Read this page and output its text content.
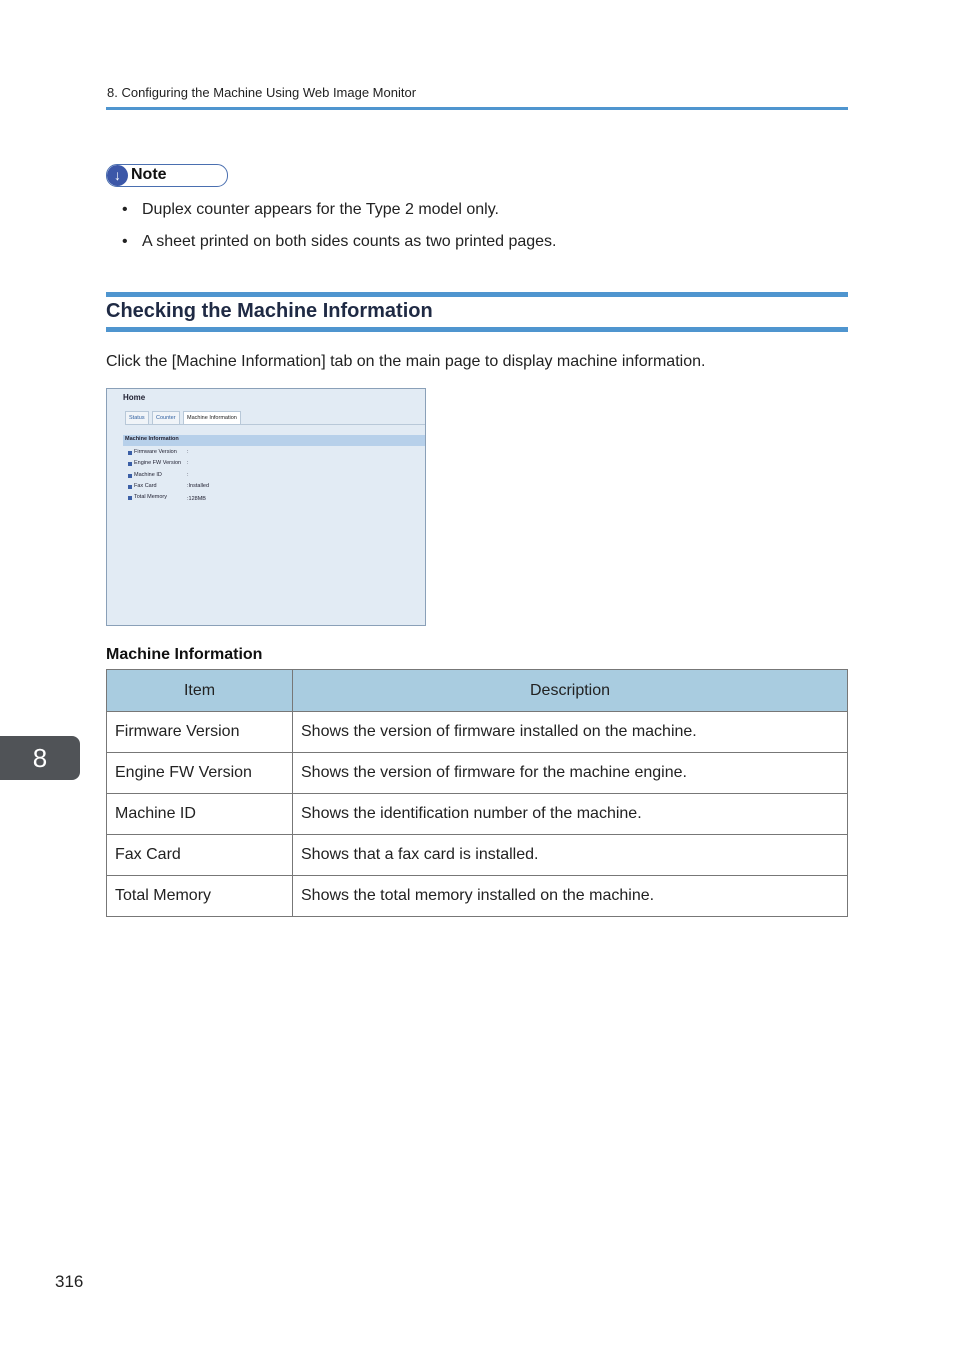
8. Configuring the Machine Using Web Image Monitor
↓ Note
• Duplex counter appears for the Type 2 model only.
• A sheet printed on both sides counts as two printed pages.
Checking the Machine Information
Click the [Machine Information] tab on the main page to display machine information.
Home
Status	Counter	Machine Information
Machine Information
Firmware Version :
Engine FW Version :
Machine ID	:
Fax Card	:Installed
Total Memory	:128MB
Machine Information
Item	Description
Firmware Version	Shows the version of firmware installed on the machine.
Engine FW Version	Shows the version of firmware for the machine engine.
Machine ID	Shows the identification number of the machine.
Fax Card	Shows that a fax card is installed.
Total Memory	Shows the total memory installed on the machine.
8
316
